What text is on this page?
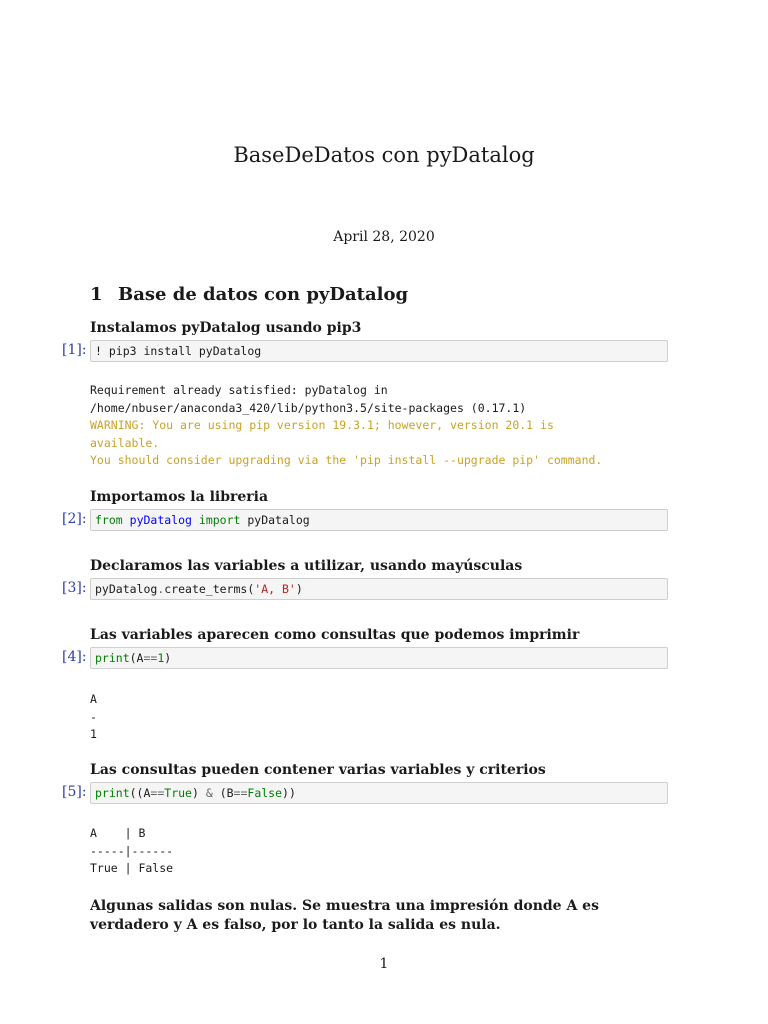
BaseDeDatos con pyDatalog
April 28, 2020
1 Base de datos con pyDatalog
Instalamos pyDatalog usando pip3
[1]: ! pip3 install pyDatalog
Requirement already satisfied: pyDatalog in
/home/nbuser/anaconda3_420/lib/python3.5/site-packages (0.17.1)
WARNING: You are using pip version 19.3.1; however, version 20.1 is
available.
You should consider upgrading via the 'pip install --upgrade pip' command.
Importamos la libreria
[2]: from pyDatalog import pyDatalog
Declaramos las variables a utilizar, usando mayúsculas
[3]: pyDatalog.create_terms('A, B')
Las variables aparecen como consultas que podemos imprimir
[4]: print(A==1)
A
-
1
Las consultas pueden contener varias variables y criterios
[5]: print((A==True) & (B==False))
A    | B
-----|------
True | False
Algunas salidas son nulas. Se muestra una impresión donde A es verdadero y A es falso, por lo tanto la salida es nula.
1
